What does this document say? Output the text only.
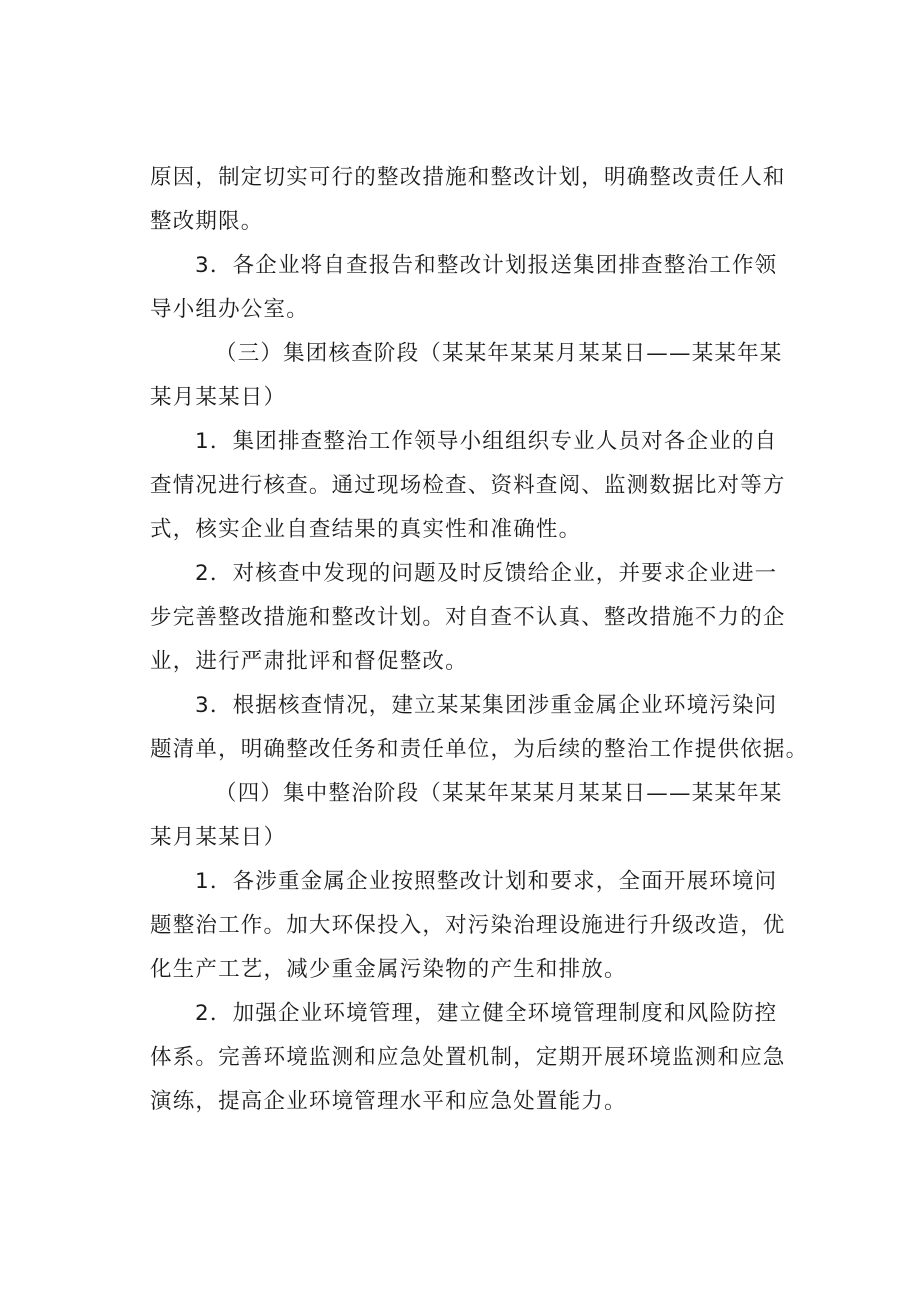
原因，制定切实可行的整改措施和整改计划，明确整改责任人和
整改期限。
3．各企业将自查报告和整改计划报送集团排查整治工作领
导小组办公室。
（三）集团核查阶段（某某年某某月某某日——某某年某
某月某某日）
1．集团排查整治工作领导小组组织专业人员对各企业的自
查情况进行核查。通过现场检查、资料查阅、监测数据比对等方
式，核实企业自查结果的真实性和准确性。
2．对核查中发现的问题及时反馈给企业，并要求企业进一
步完善整改措施和整改计划。对自查不认真、整改措施不力的企
业，进行严肃批评和督促整改。
3．根据核查情况，建立某某集团涉重金属企业环境污染问
题清单，明确整改任务和责任单位，为后续的整治工作提供依据。
（四）集中整治阶段（某某年某某月某某日——某某年某
某月某某日）
1．各涉重金属企业按照整改计划和要求，全面开展环境问
题整治工作。加大环保投入，对污染治理设施进行升级改造，优
化生产工艺，减少重金属污染物的产生和排放。
2．加强企业环境管理，建立健全环境管理制度和风险防控
体系。完善环境监测和应急处置机制，定期开展环境监测和应急
演练，提高企业环境管理水平和应急处置能力。
